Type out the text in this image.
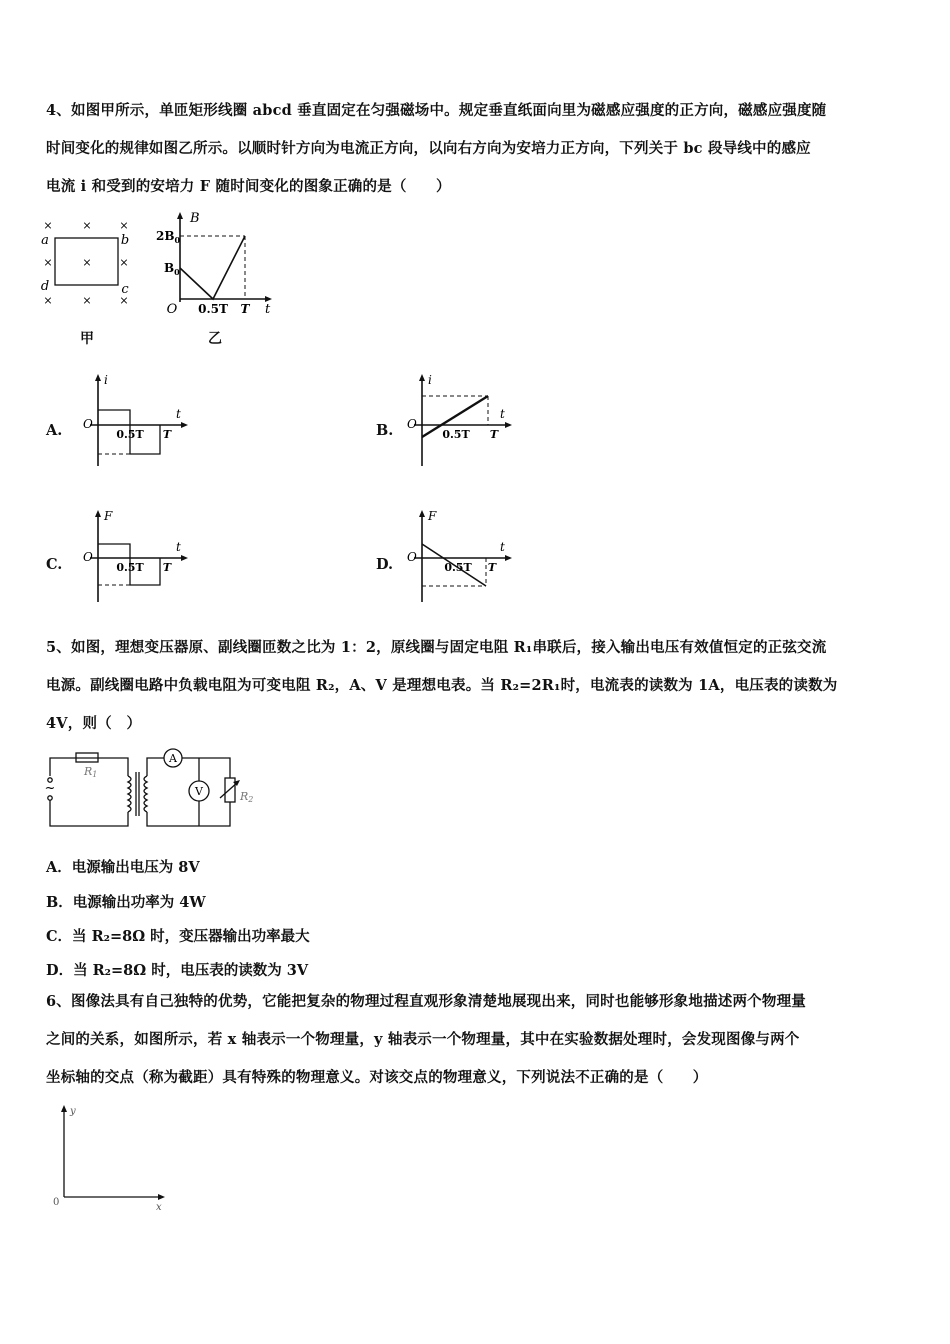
4、如图甲所示，单匝矩形线圈 abcd 垂直固定在匀强磁场中。规定垂直纸面向里为磁感应强度的正方向，磁感应强度随
时间变化的规律如图乙所示。以顺时针方向为电流正方向，以向右方向为安培力正方向，下列关于 bc 段导线中的感应
电流 i 和受到的安培力 F 随时间变化的图象正确的是（　　）
×	×	×
×	×	×
×	×	×
a	b
d	c
甲
B
t
O
$2B_0$
$B_0$
0.5T T
乙
A.
i
t
O
0.5T T	B.
i
t
O
0.5T T
C.
F
t
O
0.5T T	D.
F
t
O
0.5T T
5、如图，理想变压器原、副线圈匝数之比为 1：2，原线圈与固定电阻 R₁串联后，接入输出电压有效值恒定的正弦交流
电源。副线圈电路中负载电阻为可变电阻 R₂，A、V 是理想电表。当 R₂=2R₁时，电流表的读数为 1A，电压表的读数为
4V，则（　）
R1
~
A
V	R2
A．电源输出电压为 8V
B．电源输出功率为 4W
C．当 R₂=8Ω 时，变压器输出功率最大
D．当 R₂=8Ω 时，电压表的读数为 3V
6、图像法具有自己独特的优势，它能把复杂的物理过程直观形象清楚地展现出来，同时也能够形象地描述两个物理量
之间的关系，如图所示，若 x 轴表示一个物理量，y 轴表示一个物理量，其中在实验数据处理时，会发现图像与两个
坐标轴的交点（称为截距）具有特殊的物理意义。对该交点的物理意义，下列说法不正确的是（　　）
y
x
0
